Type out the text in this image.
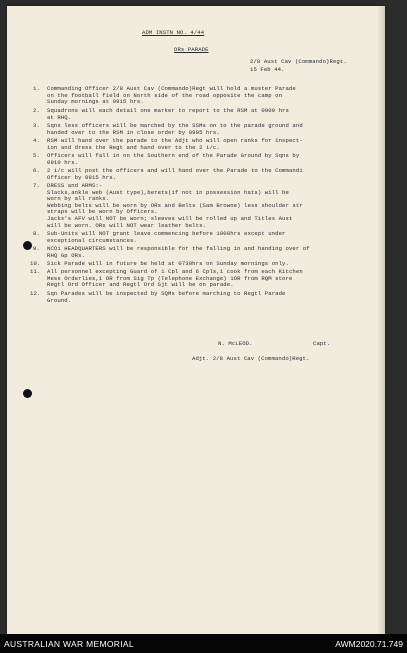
ADM INSTN NO. 4/44
ORs PARADE
2/8 Aust Cav (Commando)Regt.
15 Feb 44.
1. Commanding Officer 2/8 Aust Cav (Commando)Regt will hold a muster Parade
on the football field on North side of the road opposite the camp on
Sunday mornings at 0915 hrs.
2. Squadrons will each detail one marker to report to the RSM at 0900 hrs
at RHQ.
3. Sqns less officers will be marched by the SSMs on to the parade ground and
handed over to the RSM in close order by 0905 hrs.
4. RSM will hand over the parade to the Adjt who will open ranks for inspect-
ion and dress the Regt and hand over to the 2 i/c.
5. Officers will fall in on the Southern end of the Parade Ground by Sqns by
0910 hrs.
6. 2 i/c will post the officers and will hand over the Parade to the Commandi
Officer by 0915 hrs.
7. DRESS and ARMS:-
Slacks,ankle web (Aust type),berets(if not in possession hats) will be
worn by all ranks.
Webbing belts will be worn by ORs and Belts (Sam Browne) less shoulder str
straps will be worn by Officers.
Jacks's AFV will NOT be worn; sleeves will be rolled up and Titles Aust
will be worn. ORs will NOT wear leather belts.
8. Sub-Units will NOT grant leave commencing before 1000hrs except under
exceptional circumstances.
9. NCOi HEADQUARTERS will be responsible for the falling in and handing over of
RHQ Gp ORs.
10. Sick Parade will in future be held at 0730hrs on Sunday mornings only.
11. All personnel excepting Guard of 1 Cpl and 6 Cpls,1 cook from each Kitchen
Mess Orderlies,1 OR from Sig Tp (Telephone Exchange) 1OR from RQM store
Regtl Ord Officer and Regtl Ord Sjt will be on parade.
12. Sqn Parades will be inspected by SQMs before marching to Regtl Parade
Ground.
N. McLEOD.	Capt.
Adjt. 2/8 Aust Cav (Commando)Regt.
AUSTRALIAN WAR MEMORIAL	AWM2020.71.749
